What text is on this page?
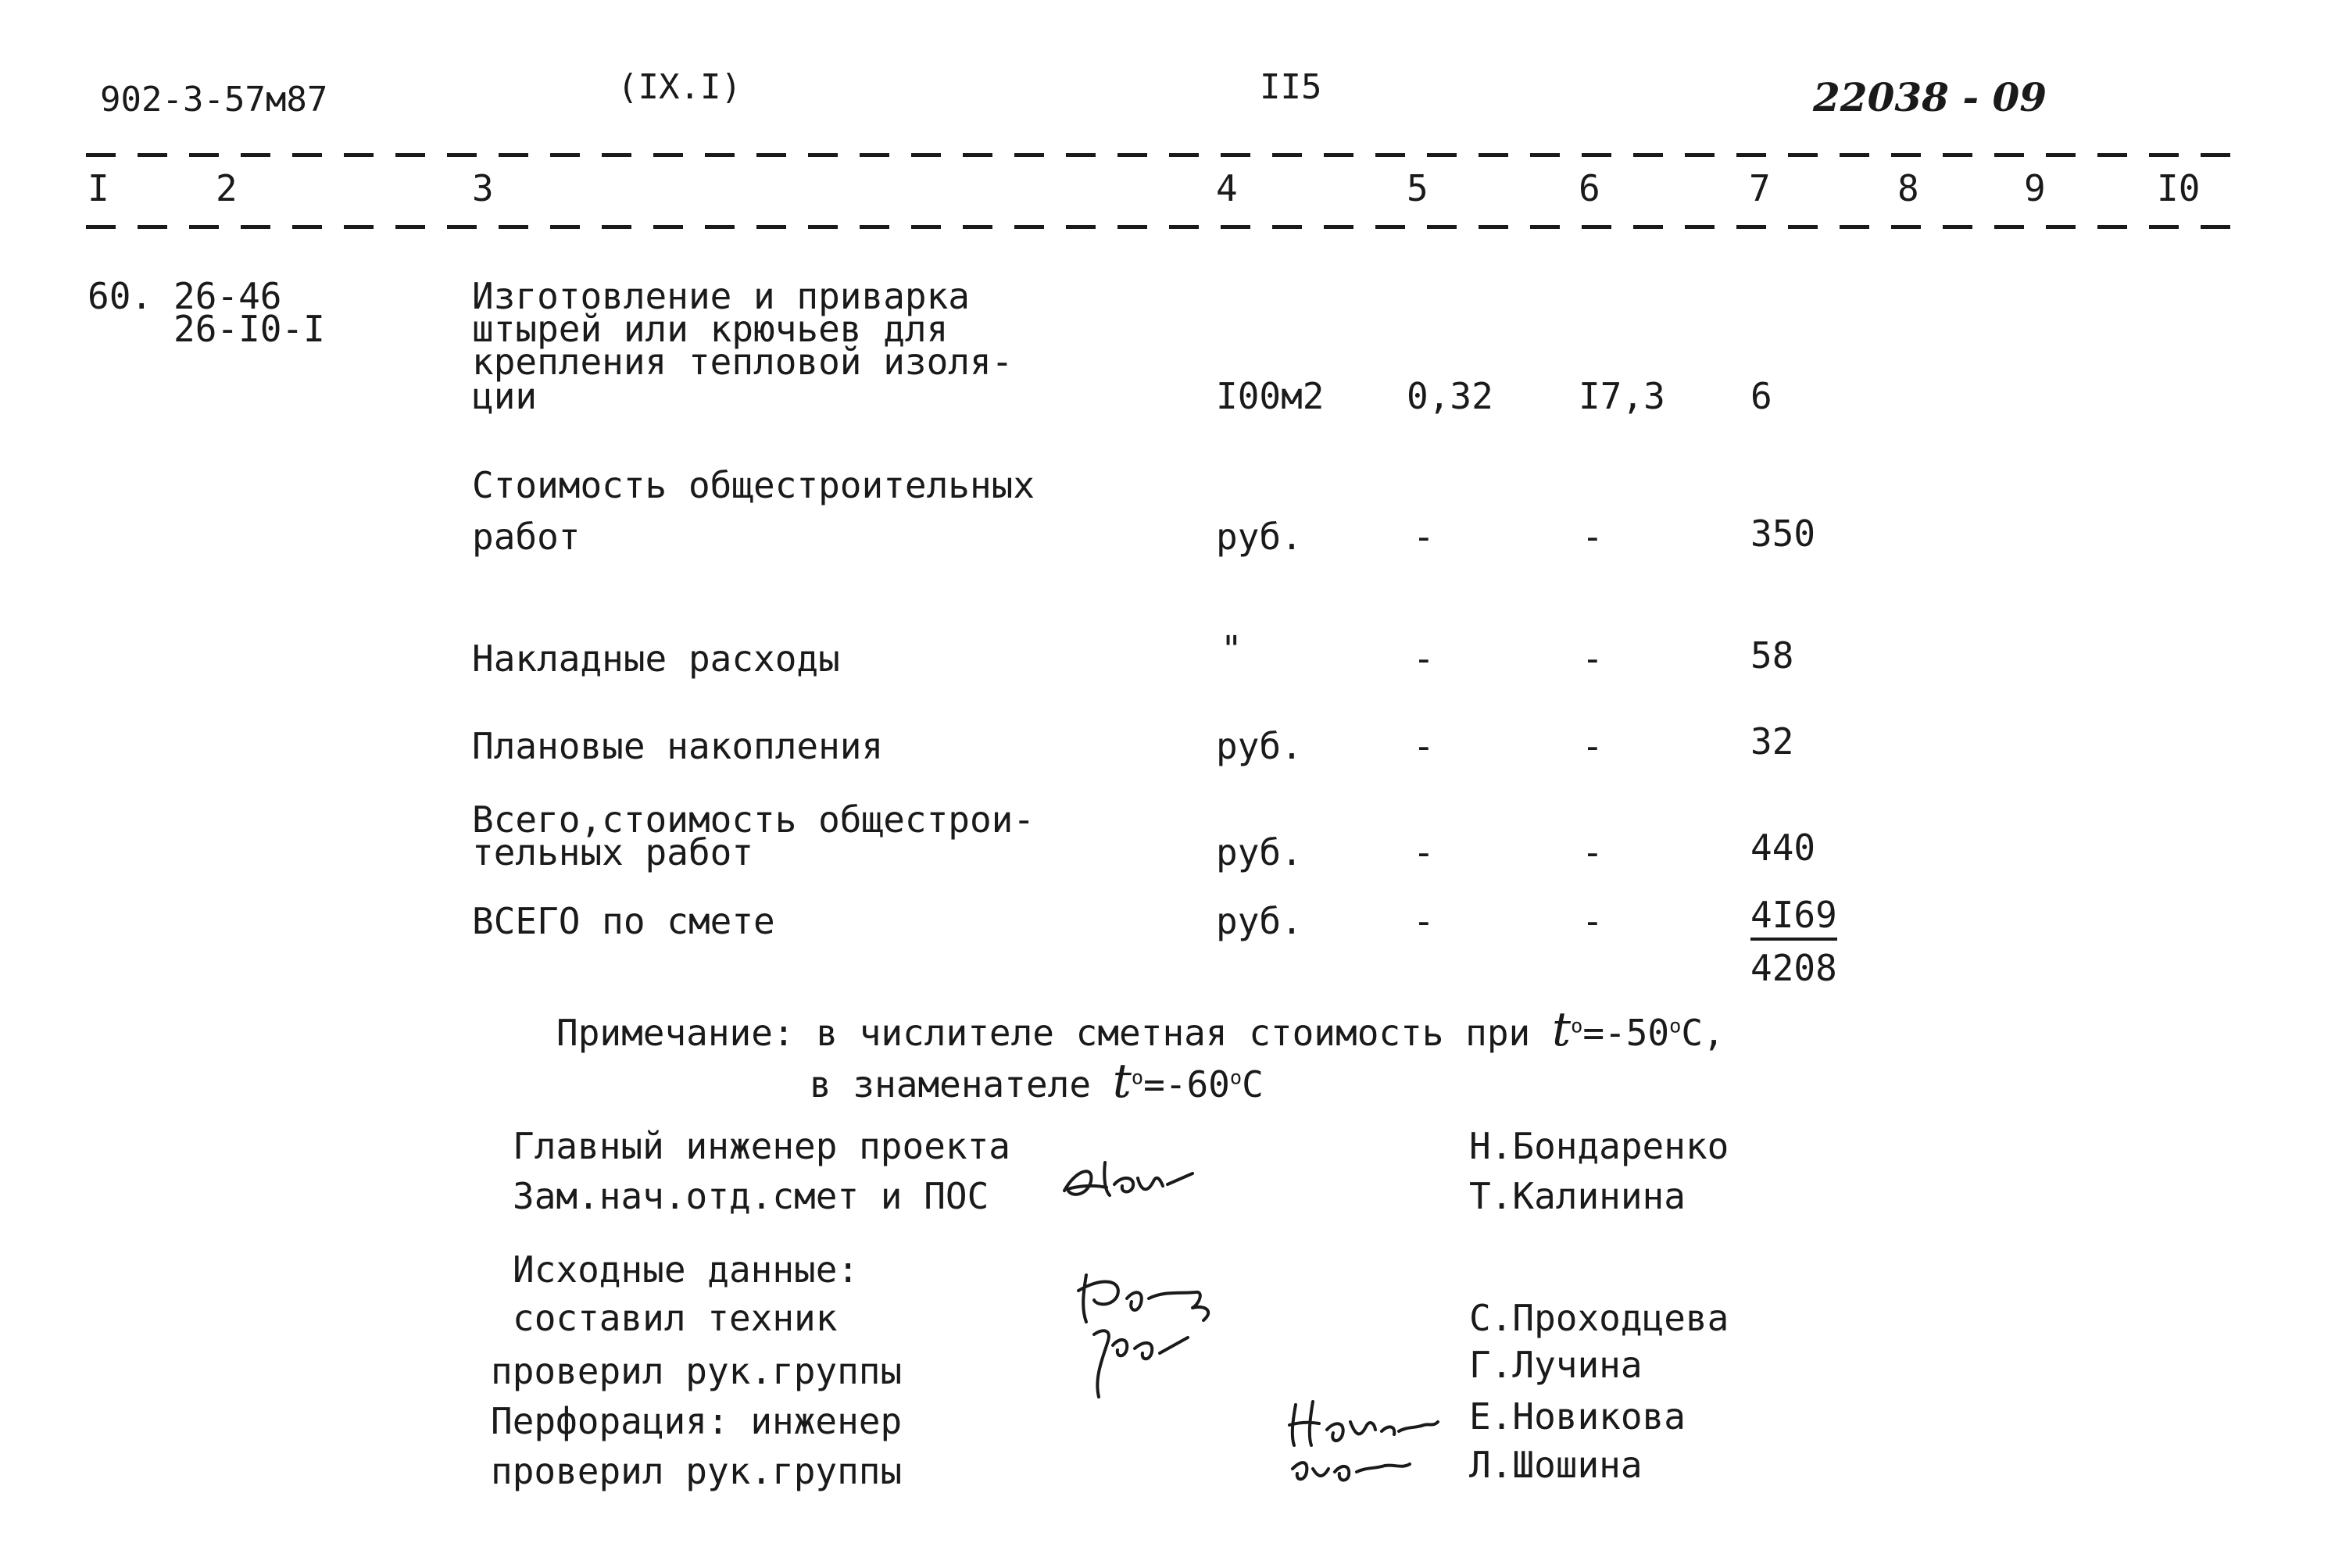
902-3-57м87	(IX.I)	II5	22038 - 09
I	2	3	4	5	6	7	8	9	I0
60. 26-46
26-I0-I
Изготовление и приварка
штырей или крючьев для
крепления тепловой изоля-
ции	I00м2 0,32 I7,3 6
Стоимость общестроительных
работ	руб.	-	-	350
Накладные расходы	"	-	-	58
Плановые накопления	руб.	-	-	32
Всего,стоимость общестрои-
тельных работ	руб.	-	-	440
ВСЕГО по смете	руб.	-	-	4I69
4208
Примечание: в числителе сметная стоимость при $t^o=-50^oC$,
в знаменателе $t^o=-60^oC$
Главный инженер проекта	Н.Бондаренко
Зам.нач.отд.смет и ПОС	Т.Калинина
Исходные данные:
составил техник	С.Проходцева
проверил рук.группы	Г.Лучина
Перфорация: инженер	Е.Новикова
проверил рук.группы	Л.Шошина
